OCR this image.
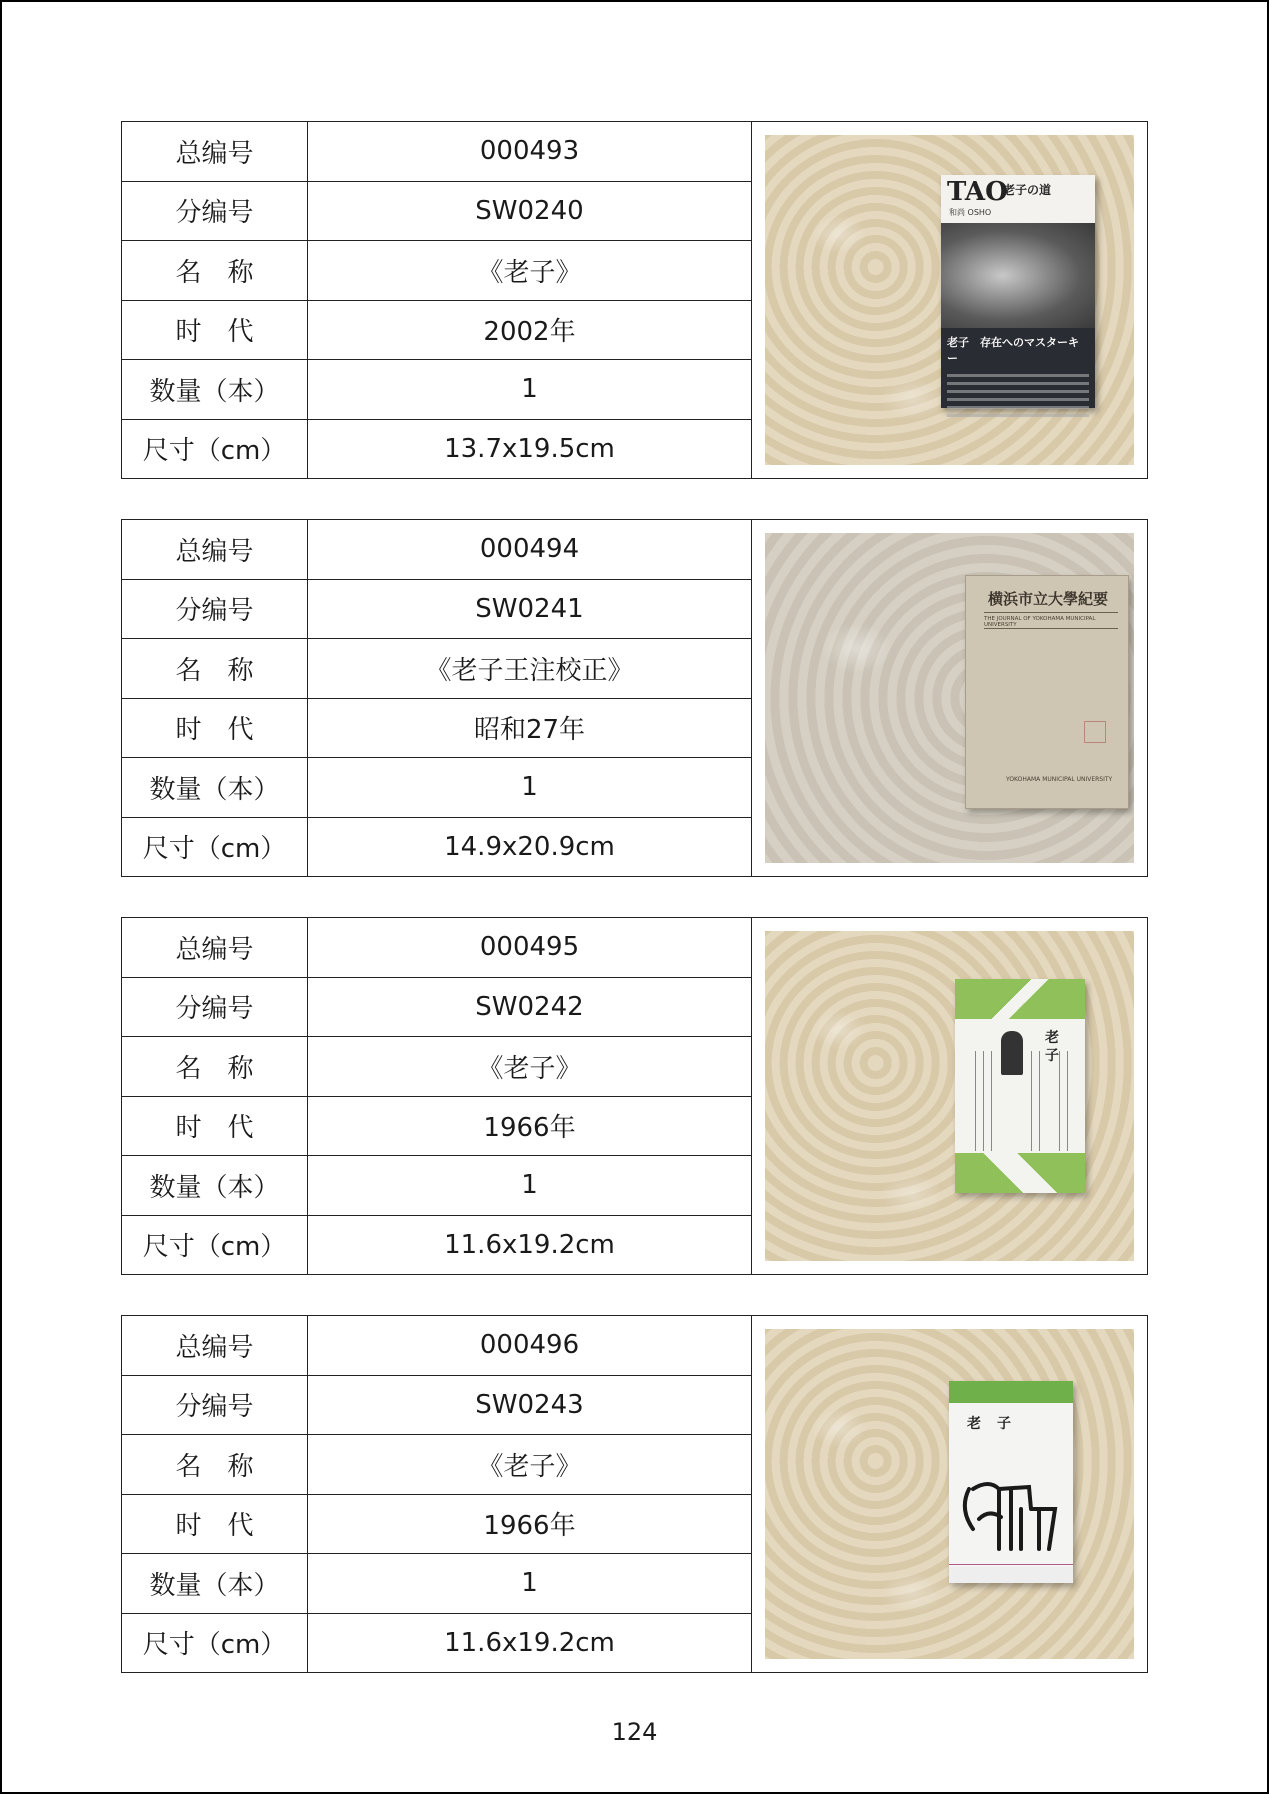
总编号	000493
分编号	SW0240
名　称	《老子》
时　代	2002年
数量（本）	1
尺寸（cm）	13.7x19.5cm
TAO
老子の道
和尚 OSHO
老子　存在へのマスターキー
总编号	000494
分编号	SW0241
名　称	《老子王注校正》
时　代	昭和27年
数量（本）	1
尺寸（cm）	14.9x20.9cm
横浜市立大學紀要
THE JOURNAL OF YOKOHAMA MUNICIPAL UNIVERSITY
YOKOHAMA MUNICIPAL UNIVERSITY
总编号	000495
分编号	SW0242
名　称	《老子》
时　代	1966年
数量（本）	1
尺寸（cm）	11.6x19.2cm
老子
总编号	000496
分编号	SW0243
名　称	《老子》
时　代	1966年
数量（本）	1
尺寸（cm）	11.6x19.2cm
老子
124
